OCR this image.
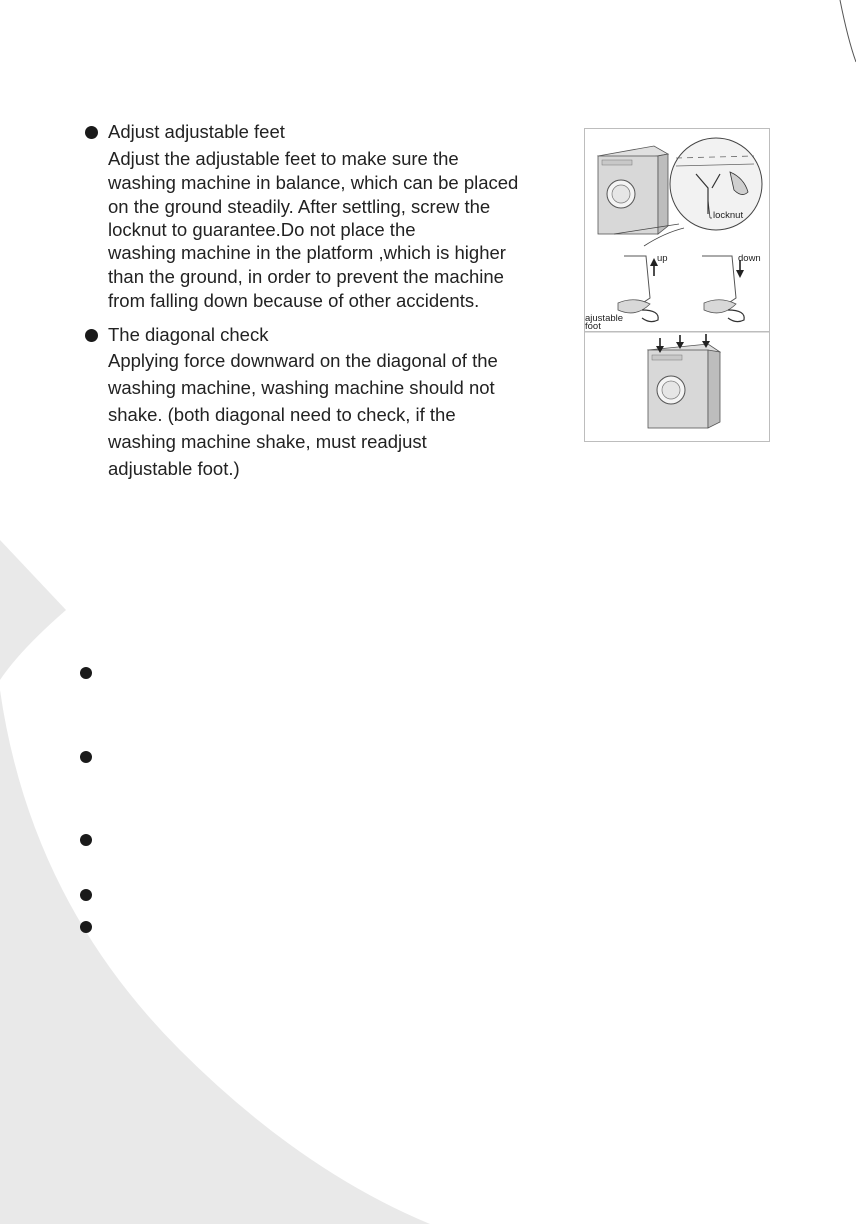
Adjust adjustable feet
Adjust the adjustable feet to make sure the
washing machine in balance, which can be placed
on the ground steadily. After settling, screw the
locknut to guarantee.Do not place the
washing machine in the platform ,which is higher
than the ground, in order to prevent the machine
from falling down because of other accidents.
The diagonal check
Applying force downward on the diagonal of the
washing machine, washing machine should not
shake. (both diagonal need to check, if the
washing machine shake, must readjust
adjustable foot.)
locknut
up	down
ajustable
foot
